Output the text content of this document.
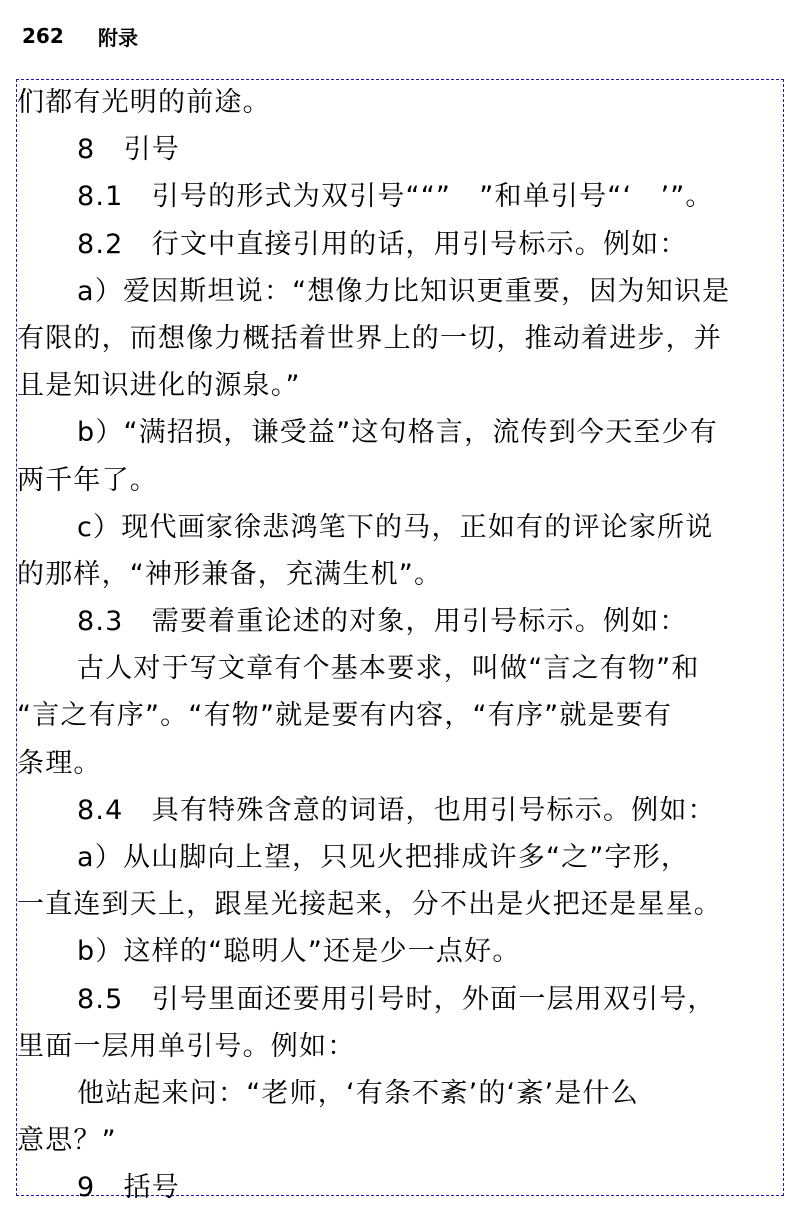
262	附录
们都有光明的前途。
8　引号
8.1　引号的形式为双引号““”　”和单引号“‘　’”。
8.2　行文中直接引用的话，用引号标示。例如：
a）爱因斯坦说：“想像力比知识更重要，因为知识是
有限的，而想像力概括着世界上的一切，推动着进步，并
且是知识进化的源泉。”
b）“满招损，谦受益”这句格言，流传到今天至少有
两千年了。
c）现代画家徐悲鸿笔下的马，正如有的评论家所说
的那样，“神形兼备，充满生机”。
8.3　需要着重论述的对象，用引号标示。例如：
古人对于写文章有个基本要求，叫做“言之有物”和
“言之有序”。“有物”就是要有内容，“有序”就是要有
条理。
8.4　具有特殊含意的词语，也用引号标示。例如：
a）从山脚向上望，只见火把排成许多“之”字形，
一直连到天上，跟星光接起来，分不出是火把还是星星。
b）这样的“聪明人”还是少一点好。
8.5　引号里面还要用引号时，外面一层用双引号，
里面一层用单引号。例如：
他站起来问：“老师，‘有条不紊’的‘紊’是什么
意思？”
9　括号
